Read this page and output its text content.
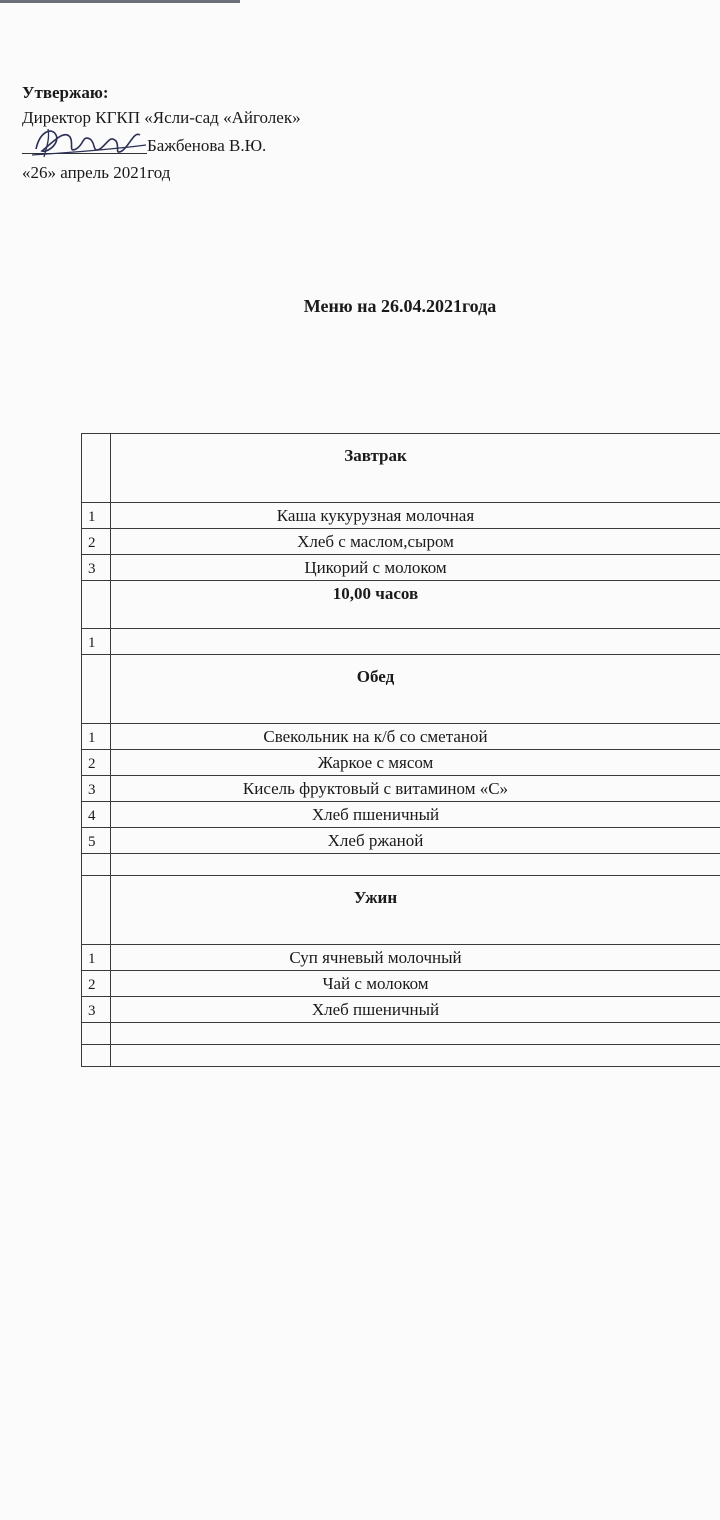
Утвержаю:
Директор КГКП «Ясли-сад «Айголек»
Бажбенова В.Ю.
«26» апрель 2021год
Меню на 26.04.2021года
	Завтрак
1	Каша кукурузная молочная
2	Хлеб с маслом,сыром
3	Цикорий с молоком
	10,00 часов
1	
	Обед
1	Свекольник на к/б со сметаной
2	Жаркое с мясом
3	Кисель фруктовый с витамином «С»
4	Хлеб пшеничный
5	Хлеб ржаной

	Ужин
1	Суп ячневый молочный
2	Чай с молоком
3	Хлеб пшеничный
